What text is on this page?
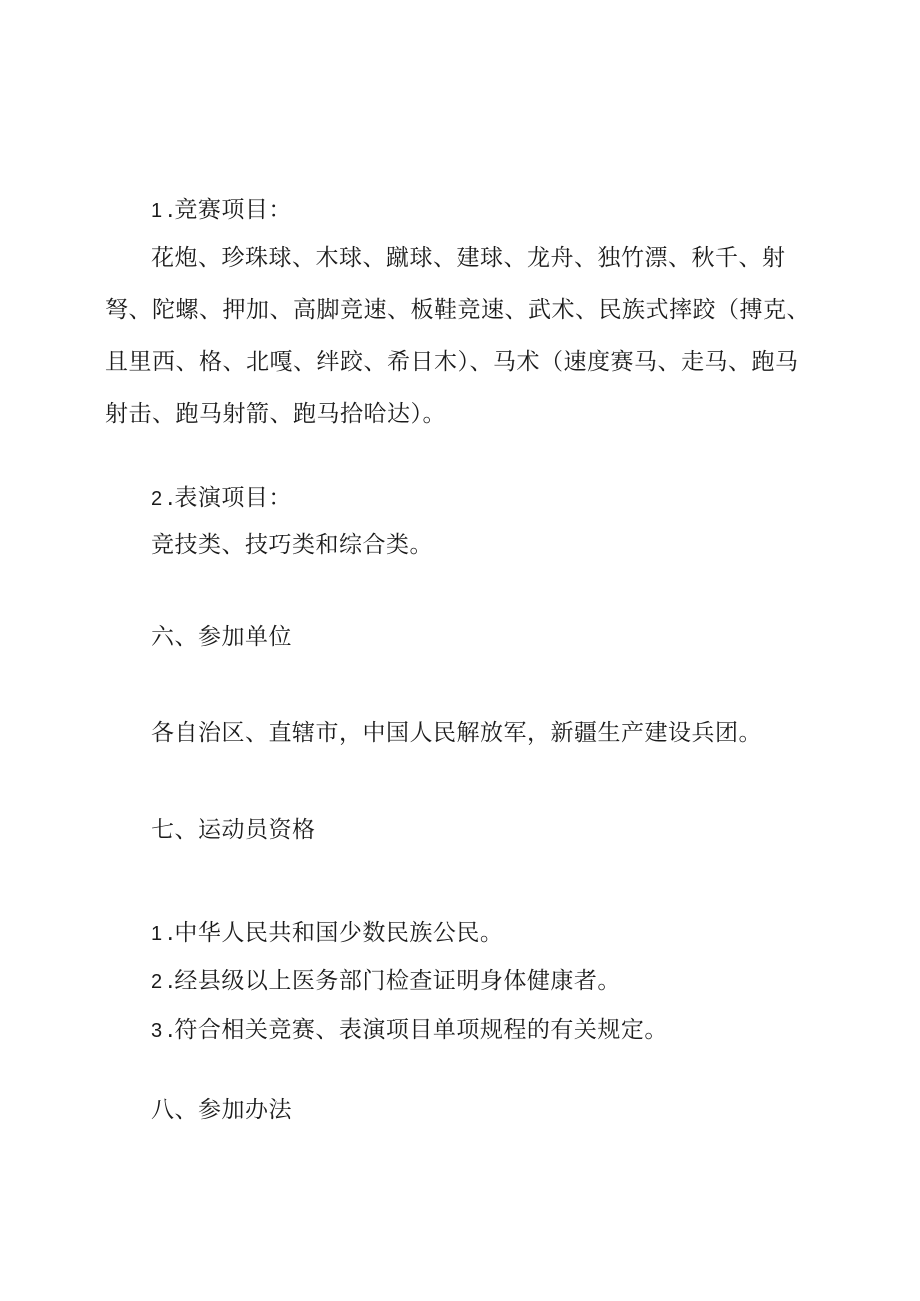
1 .竞赛项目：
花炮、珍珠球、木球、蹴球、建球、龙舟、独竹漂、秋千、射弩、陀螺、押加、高脚竞速、板鞋竞速、武术、民族式摔跤（搏克、且里西、格、北嘎、绊跤、希日木）、马术（速度赛马、走马、跑马射击、跑马射箭、跑马拾哈达）。
2 .表演项目：
竞技类、技巧类和综合类。
六、参加单位
各自治区、直辖市，中国人民解放军，新疆生产建设兵团。
七、运动员资格
1 .中华人民共和国少数民族公民。
2 .经县级以上医务部门检查证明身体健康者。
3 .符合相关竞赛、表演项目单项规程的有关规定。
八、参加办法
